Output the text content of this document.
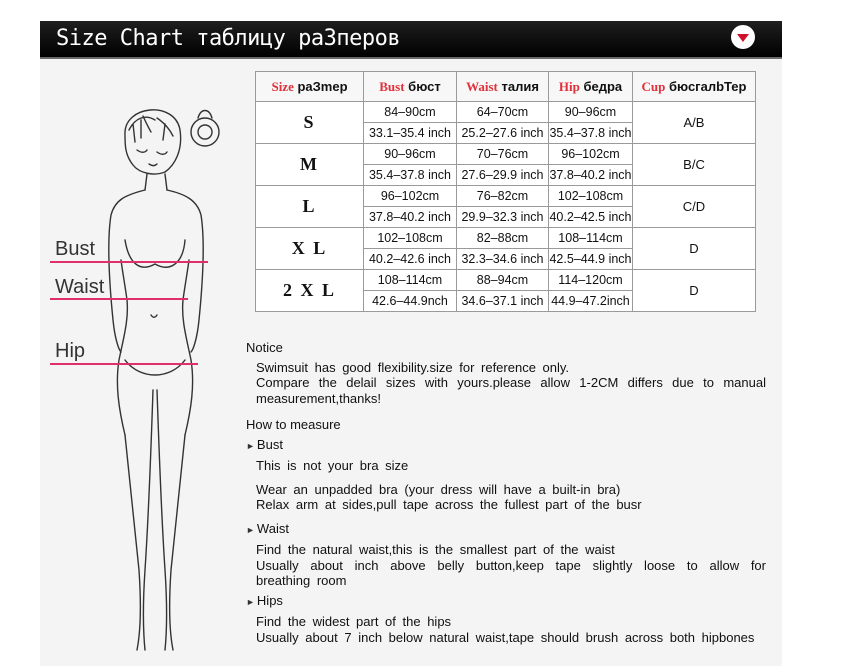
Size Chart таблицу раЗперов
Bust
Waist
Hip
Size раЗmep	Bust бюст	Waist талия	Hip бедра	Cup бюсгалbТер
S	84–90cm	64–70cm	90–96cm	A/B
	33.1–35.4 inch	25.2–27.6 inch	35.4–37.8 inch	
M	90–96cm	70–76cm	96–102cm	B/C
	35.4–37.8 inch	27.6–29.9 inch	37.8–40.2 inch	
L	96–102cm	76–82cm	102–108cm	C/D
	37.8–40.2 inch	29.9–32.3 inch	40.2–42.5 inch	
X L	102–108cm	82–88cm	108–114cm	D
	40.2–42.6 inch	32.3–34.6 inch	42.5–44.9 inch	
2 X L	108–114cm	88–94cm	114–120cm	D
	42.6–44.9nch	34.6–37.1 inch	44.9–47.2inch	
Notice
Swimsuit has good flexibility.size for reference only.
Compare the delail sizes with yours.please allow 1-2CM differs due to manual measurement,thanks!
How to measure
► Bust
This is not your bra size
Wear an unpadded bra (your dress will have a built-in bra)
Relax arm at sides,pull tape across the fullest part of the busr
► Waist
Find the natural waist,this is the smallest part of the waist
Usually about inch above belly button,keep tape slightly loose to allow for breathing room
► Hips
Find the widest part of the hips
Usually about 7 inch below natural waist,tape should brush across both hipbones
